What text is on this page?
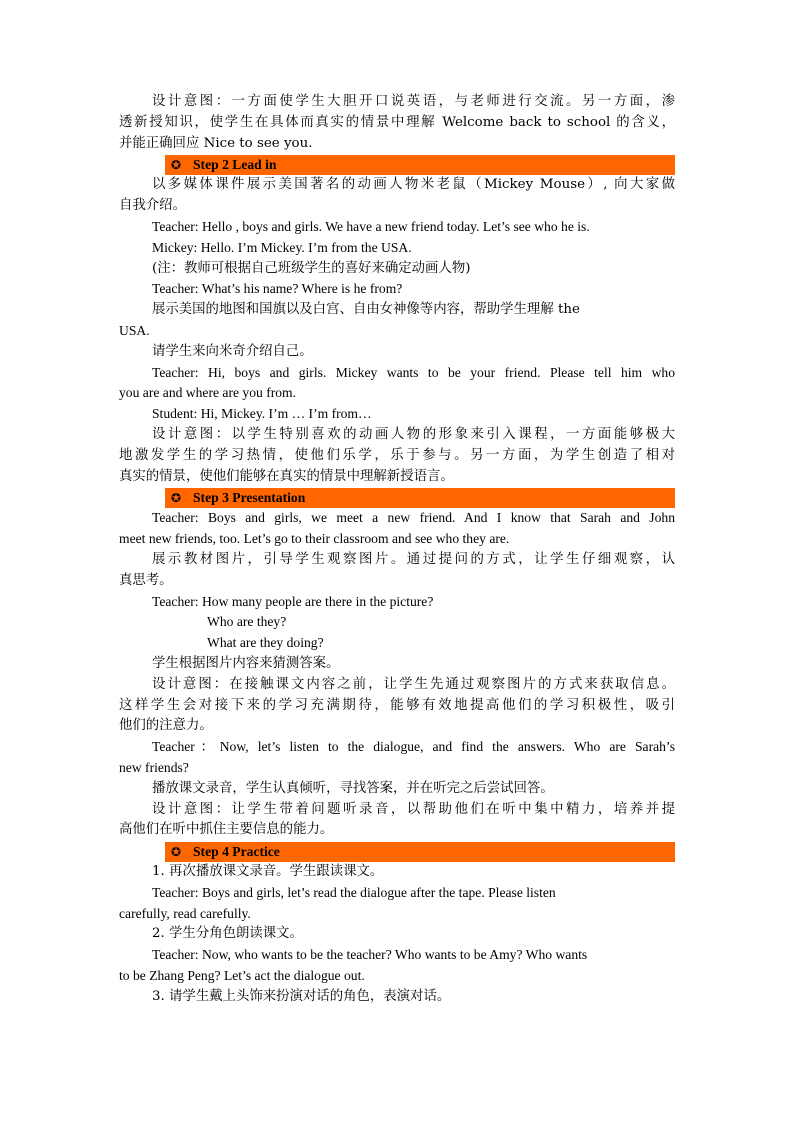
设计意图：一方面使学生大胆开口说英语，与老师进行交流。另一方面，渗
透新授知识，使学生在具体而真实的情景中理解 Welcome back to school 的含义，
并能正确回应 Nice to see you.
✪ Step 2 Lead in
以多媒体课件展示美国著名的动画人物米老鼠（Mickey Mouse）, 向大家做
自我介绍。
Teacher: Hello , boys and girls. We have a new friend today. Let’s see who he is.
Mickey: Hello. I’m Mickey. I’m from the USA.
(注：教师可根据自己班级学生的喜好来确定动画人物)
Teacher: What’s his name? Where is he from?
展示美国的地图和国旗以及白宫、自由女神像等内容，帮助学生理解 the
USA.
请学生来向米奇介绍自己。
Teacher: Hi, boys and girls. Mickey wants to be your friend. Please tell him who
you are and where are you from.
Student: Hi, Mickey. I’m … I’m from…
设计意图：以学生特别喜欢的动画人物的形象来引入课程，一方面能够极大
地激发学生的学习热情，使他们乐学，乐于参与。另一方面，为学生创造了相对
真实的情景，使他们能够在真实的情景中理解新授语言。
✪ Step 3 Presentation
Teacher: Boys and girls, we meet a new friend. And I know that Sarah and John
meet new friends, too. Let’s go to their classroom and see who they are.
展示教材图片，引导学生观察图片。通过提问的方式，让学生仔细观察，认
真思考。
Teacher: How many people are there in the picture?
Who are they?
What are they doing?
学生根据图片内容来猜测答案。
设计意图：在接触课文内容之前，让学生先通过观察图片的方式来获取信息。
这样学生会对接下来的学习充满期待，能够有效地提高他们的学习积极性，吸引
他们的注意力。
Teacher：Now, let’s listen to the dialogue, and find the answers. Who are Sarah’s
new friends?
播放课文录音，学生认真倾听，寻找答案，并在听完之后尝试回答。
设计意图：让学生带着问题听录音，以帮助他们在听中集中精力，培养并提
高他们在听中抓住主要信息的能力。
✪ Step 4 Practice
1. 再次播放课文录音。学生跟读课文。
Teacher: Boys and girls, let’s read the dialogue after the tape. Please listen
carefully, read carefully.
2. 学生分角色朗读课文。
Teacher: Now, who wants to be the teacher? Who wants to be Amy? Who wants
to be Zhang Peng? Let’s act the dialogue out.
3. 请学生戴上头饰来扮演对话的角色，表演对话。
